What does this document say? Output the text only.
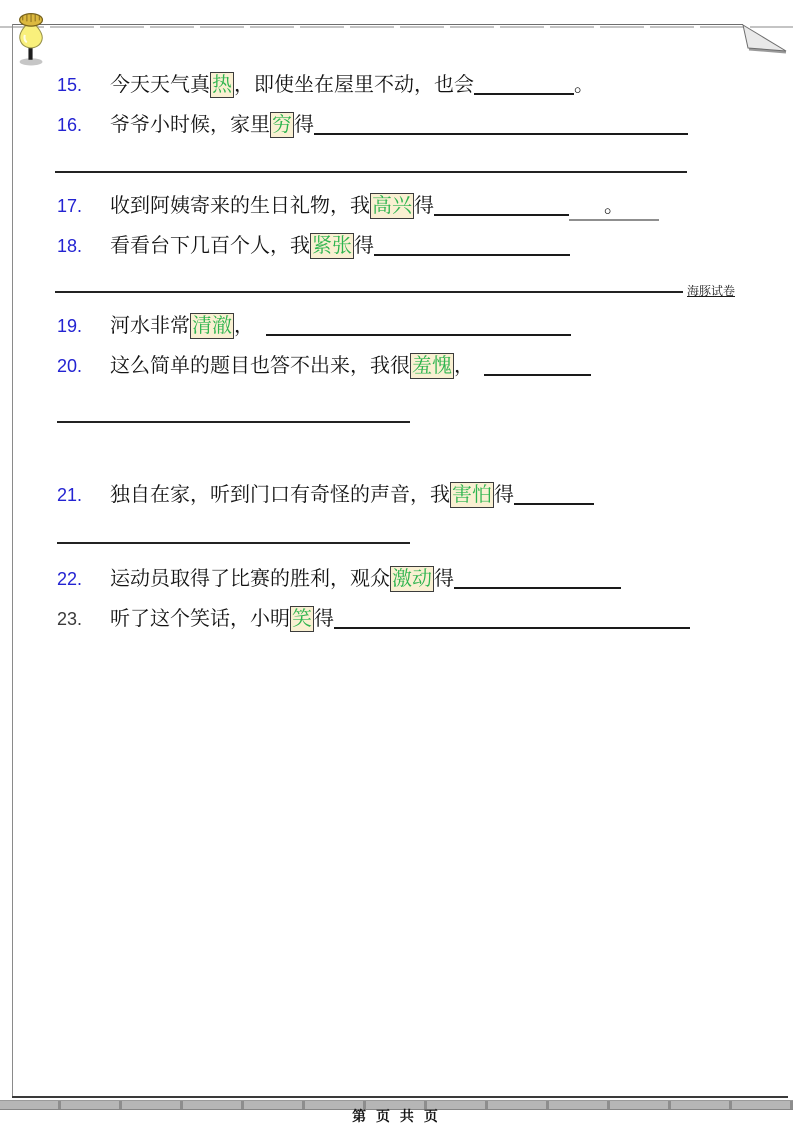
15. 今天天气真 热 ，即使坐在屋里不动，也会	。
16. 爷爷小时候，家里 穷 得
17. 收到阿姨寄来的生日礼物，我 高兴 得	。
18. 看看台下几百个人，我 紧张 得
海豚试卷
19. 河水非常 清澈 ，
20. 这么简单的题目也答不出来，我很 羞愧 ，
21. 独自在家，听到门口有奇怪的声音，我 害怕 得
22. 运动员取得了比赛的胜利，观众 激动 得
23. 听了这个笑话，小明 笑 得
第 页 共 页
